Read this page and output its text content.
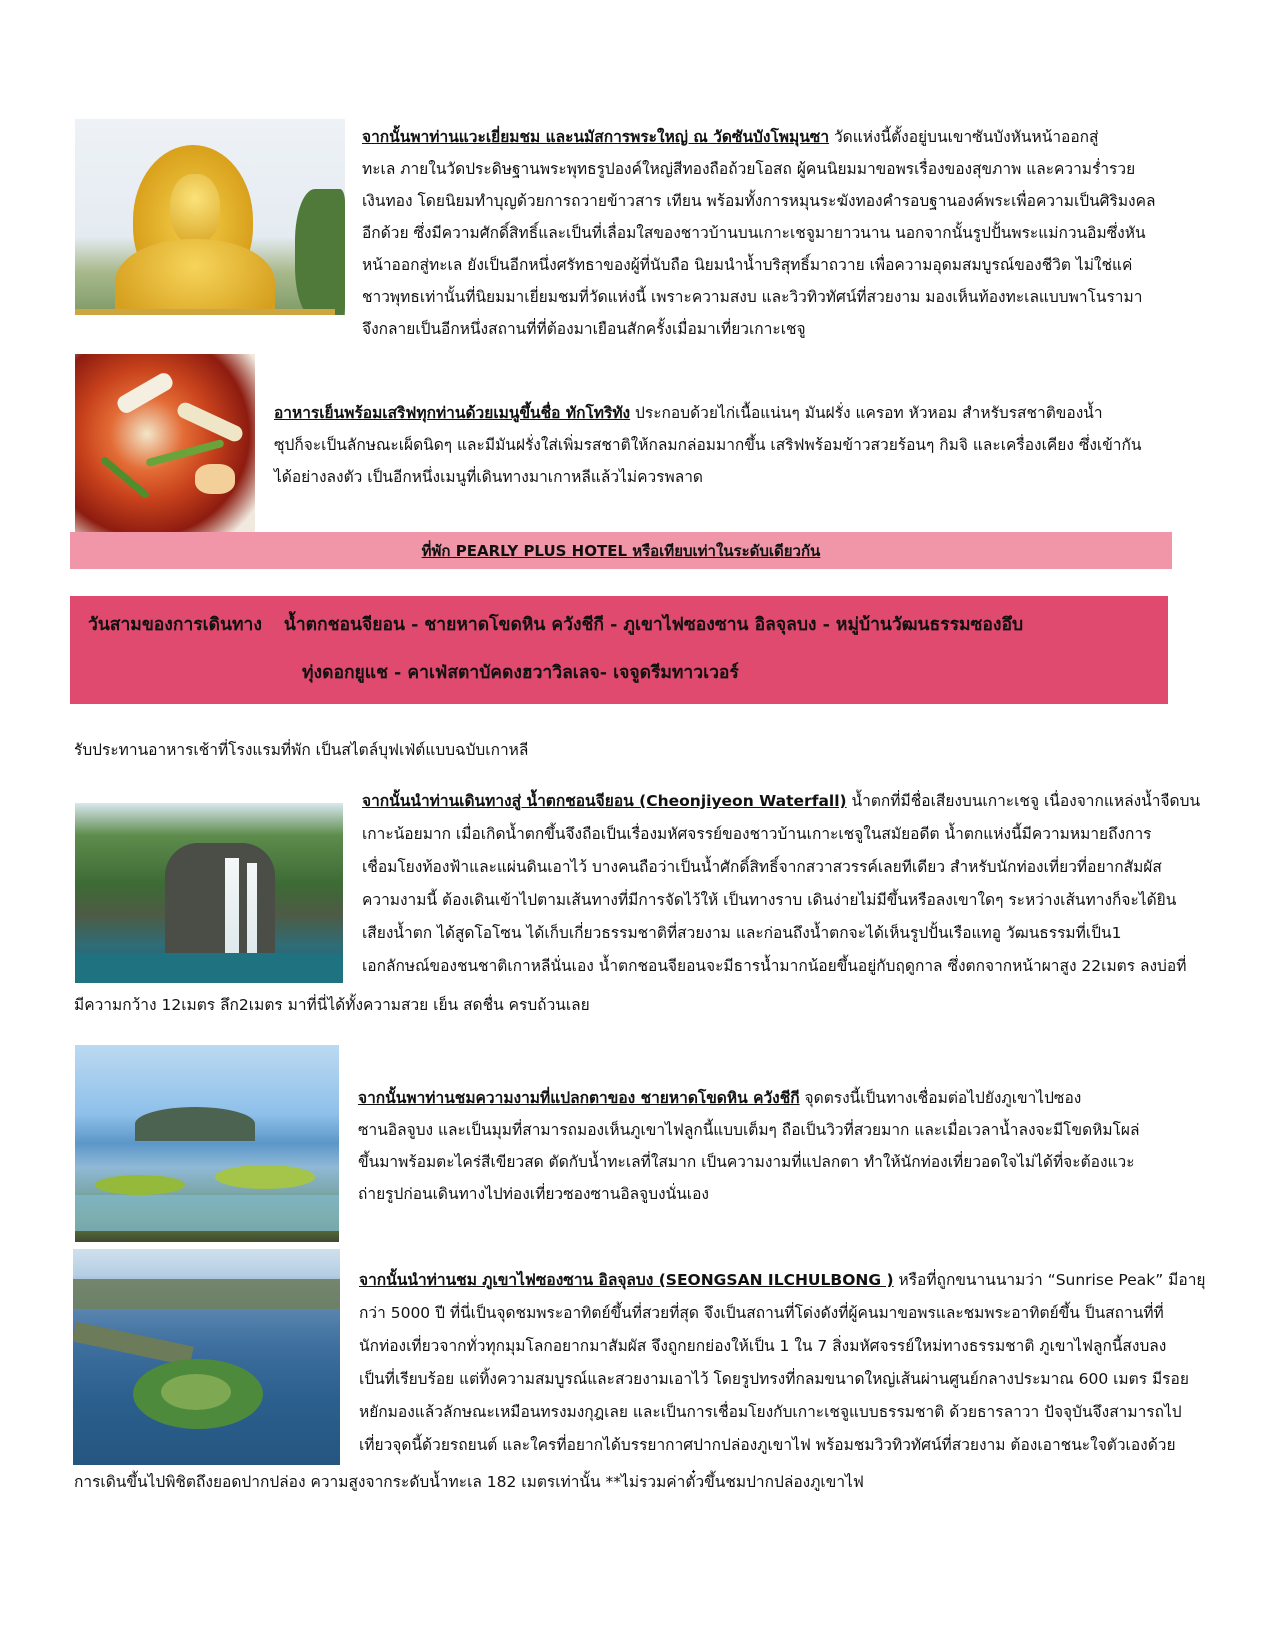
จากนั้นพาท่านแวะเยี่ยมชม และนมัสการพระใหญ่ ณ วัดซันบังโพมุนซา วัดแห่งนี้ตั้งอยู่บนเขาซันบังหันหน้าออกสู่
ทะเล ภายในวัดประดิษฐานพระพุทธรูปองค์ใหญ่สีทองถือถ้วยโอสถ ผู้คนนิยมมาขอพรเรื่องของสุขภาพ และความร่ำรวย
เงินทอง โดยนิยมทำบุญด้วยการถวายข้าวสาร เทียน พร้อมทั้งการหมุนระฆังทองคำรอบฐานองค์พระเพื่อความเป็นศิริมงคล
อีกด้วย ซึ่งมีความศักดิ์สิทธิ์และเป็นที่เลื่อมใสของชาวบ้านบนเกาะเชจูมายาวนาน นอกจากนั้นรูปปั้นพระแม่กวนอิมซึ่งหัน
หน้าออกสู่ทะเล ยังเป็นอีกหนึ่งศรัทธาของผู้ที่นับถือ นิยมนำน้ำบริสุทธิ์มาถวาย เพื่อความอุดมสมบูรณ์ของชีวิต ไม่ใช่แค่
ชาวพุทธเท่านั้นที่นิยมมาเยี่ยมชมที่วัดแห่งนี้ เพราะความสงบ และวิวทิวทัศน์ที่สวยงาม มองเห็นท้องทะเลแบบพาโนรามา
จึงกลายเป็นอีกหนึ่งสถานที่ที่ต้องมาเยือนสักครั้งเมื่อมาเที่ยวเกาะเชจู
อาหารเย็นพร้อมเสริฟทุกท่านด้วยเมนูขึ้นชื่อ ทักโทริทัง ประกอบด้วยไก่เนื้อแน่นๆ มันฝรั่ง แครอท หัวหอม สำหรับรสชาติของน้ำ
ซุปก็จะเป็นลักษณะเผ็ดนิดๆ และมีมันฝรั่งใส่เพิ่มรสชาติให้กลมกล่อมมากขึ้น เสริฟพร้อมข้าวสวยร้อนๆ กิมจิ และเครื่องเคียง ซึ่งเข้ากัน
ได้อย่างลงตัว เป็นอีกหนึ่งเมนูที่เดินทางมาเกาหลีแล้วไม่ควรพลาด
ที่พัก PEARLY PLUS HOTEL หรือเทียบเท่าในระดับเดียวกัน
วันสามของการเดินทาง น้ำตกชอนจียอน - ชายหาดโขดหิน ควังชีกี - ภูเขาไฟซองซาน อิลจุลบง - หมู่บ้านวัฒนธรรมซองอึบ
ทุ่งดอกยูแช - คาเฟ่สตาบัคดงฮวาวิลเลจ- เจจูดรีมทาวเวอร์
รับประทานอาหารเช้าที่โรงแรมที่พัก เป็นสไตล์บุฟเฟ่ต์แบบฉบับเกาหลี
จากนั้นนำท่านเดินทางสู่ น้ำตกชอนจียอน (Cheonjiyeon Waterfall) น้ำตกที่มีชื่อเสียงบนเกาะเชจู เนื่องจากแหล่งน้ำจืดบน
เกาะน้อยมาก เมื่อเกิดน้ำตกขึ้นจึงถือเป็นเรื่องมหัศจรรย์ของชาวบ้านเกาะเชจูในสมัยอดีต น้ำตกแห่งนี้มีความหมายถึงการ
เชื่อมโยงท้องฟ้าและแผ่นดินเอาไว้ บางคนถือว่าเป็นน้ำศักดิ์สิทธิ์จากสวาสวรรค์เลยทีเดียว สำหรับนักท่องเที่ยวที่อยากสัมผัส
ความงามนี้ ต้องเดินเข้าไปตามเส้นทางที่มีการจัดไว้ให้ เป็นทางราบ เดินง่ายไม่มีขึ้นหรือลงเขาใดๆ ระหว่างเส้นทางก็จะได้ยิน
เสียงน้ำตก ได้สูดโอโซน ได้เก็บเกี่ยวธรรมชาติที่สวยงาม และก่อนถึงน้ำตกจะได้เห็นรูปปั้นเรือแทอู วัฒนธรรมที่เป็น1
เอกลักษณ์ของชนชาติเกาหลีนั่นเอง น้ำตกชอนจียอนจะมีธารน้ำมากน้อยขึ้นอยู่กับฤดูกาล ซึ่งตกจากหน้าผาสูง 22เมตร ลงบ่อที่
มีความกว้าง 12เมตร ลึก2เมตร มาที่นี่ได้ทั้งความสวย เย็น สดชื่น ครบถ้วนเลย
จากนั้นพาท่านชมความงามที่แปลกตาของ ชายหาดโขดหิน ควังชีกี จุดตรงนี้เป็นทางเชื่อมต่อไปยังภูเขาไปซอง
ซานอิลจูบง และเป็นมุมที่สามารถมองเห็นภูเขาไฟลูกนี้แบบเต็มๆ ถือเป็นวิวที่สวยมาก และเมื่อเวลาน้ำลงจะมีโขดหิมโผล่
ขึ้นมาพร้อมตะไคร่สีเขียวสด ตัดกับน้ำทะเลที่ใสมาก เป็นความงามที่แปลกตา ทำให้นักท่องเที่ยวอดใจไม่ได้ที่จะต้องแวะ
ถ่ายรูปก่อนเดินทางไปท่องเที่ยวซองซานอิลจูบงนั่นเอง
จากนั้นนำท่านชม ภูเขาไฟซองซาน อิลจุลบง (SEONGSAN ILCHULBONG ) หรือที่ถูกขนานนามว่า “Sunrise Peak” มีอายุ
กว่า 5000 ปี ที่นี่เป็นจุดชมพระอาทิตย์ขึ้นที่สวยที่สุด จึงเป็นสถานที่โด่งดังที่ผู้คนมาขอพรและชมพระอาทิตย์ขึ้น ป็นสถานที่ที่
นักท่องเที่ยวจากทั่วทุกมุมโลกอยากมาสัมผัส จึงถูกยกย่องให้เป็น 1 ใน 7 สิ่งมหัศจรรย์ใหม่ทางธรรมชาติ ภูเขาไฟลูกนี้สงบลง
เป็นที่เรียบร้อย แต่ทิ้งความสมบูรณ์และสวยงามเอาไว้ โดยรูปทรงที่กลมขนาดใหญ่เส้นผ่านศูนย์กลางประมาณ 600 เมตร มีรอย
หยักมองแล้วลักษณะเหมือนทรงมงกุฎเลย และเป็นการเชื่อมโยงกับเกาะเชจูแบบธรรมชาติ ด้วยธารลาวา ปัจจุบันจึงสามารถไป
เที่ยวจุดนี้ด้วยรถยนต์ และใครที่อยากได้บรรยากาศปากปล่องภูเขาไฟ พร้อมชมวิวทิวทัศน์ที่สวยงาม ต้องเอาชนะใจตัวเองด้วย
การเดินขึ้นไปพิชิตถึงยอดปากปล่อง ความสูงจากระดับน้ำทะเล 182 เมตรเท่านั้น **ไม่รวมค่าตั๋วขึ้นชมปากปล่องภูเขาไฟ
